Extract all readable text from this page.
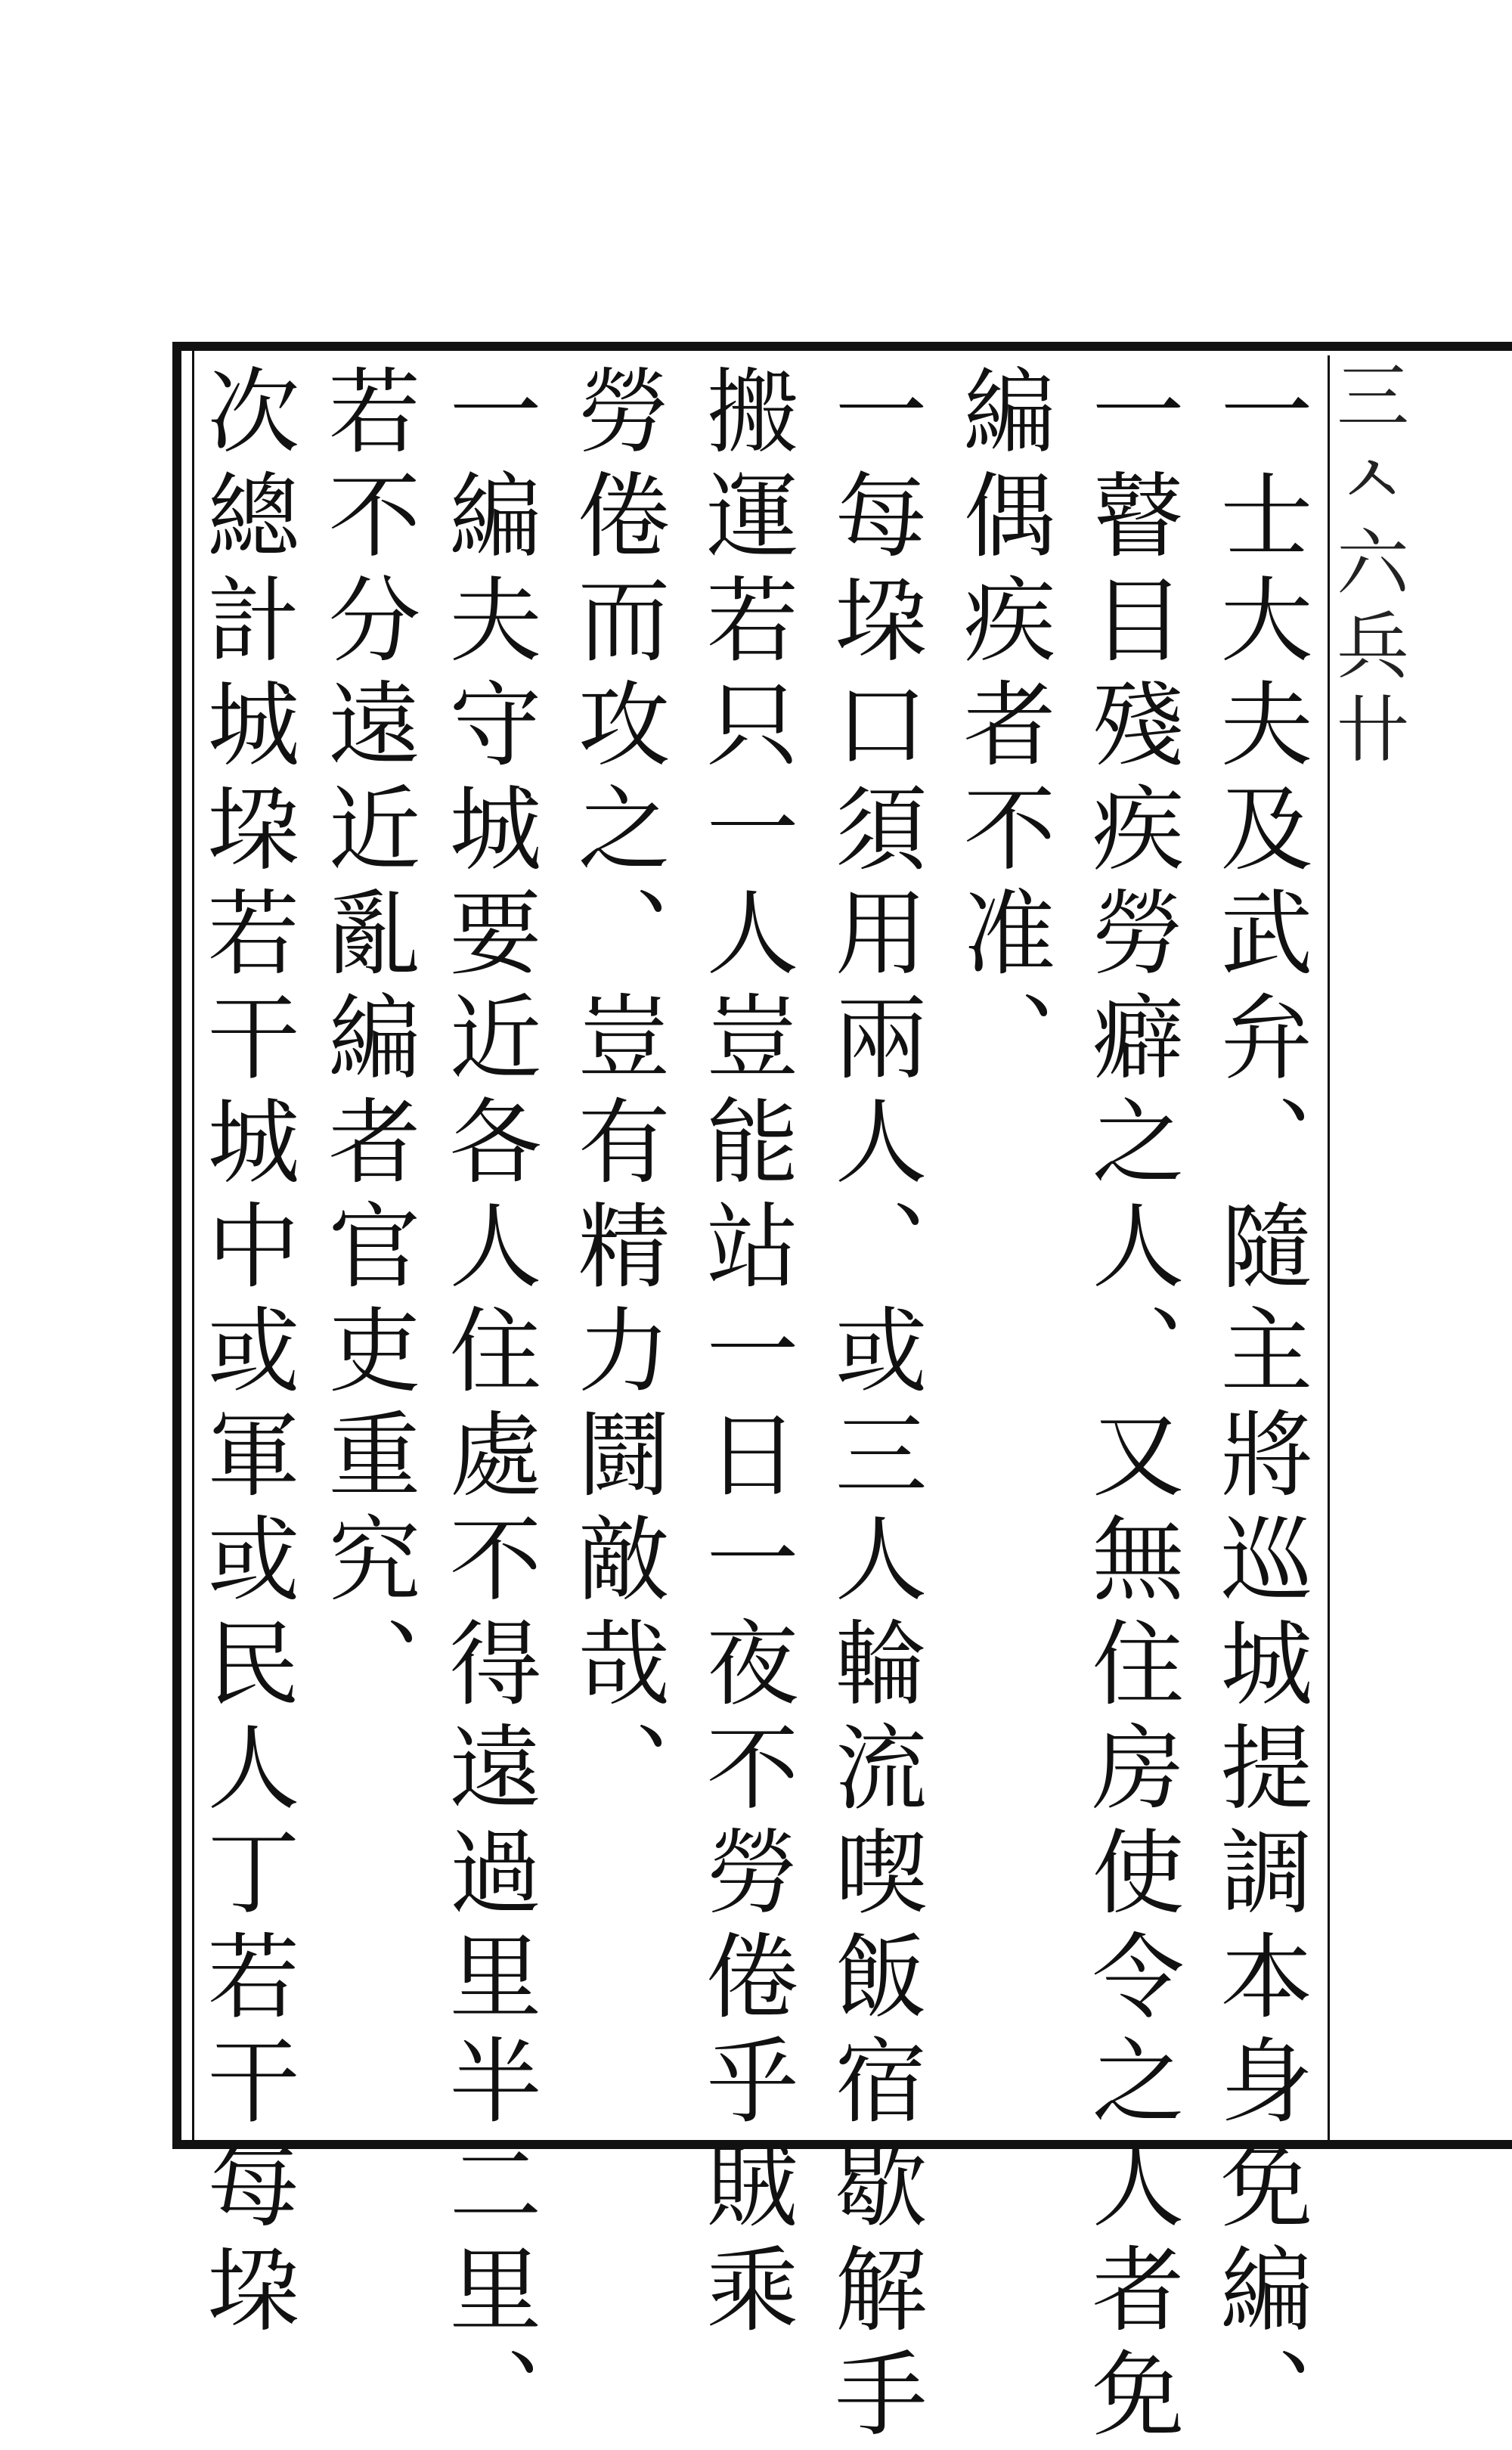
三
ㅅ
六
兵
卄
一士大夫及武弁、隨主將巡城提調本身免編、
一瞽目殘疾勞癖之人、又無住房使令之人者免
編偶疾者不准、
一每垜口須用兩人、或三人輪流喫飯宿歇解手
搬運若只一人豈能站一日一夜不勞倦乎賊乘
勞倦而攻之、豈有精力鬪敵哉、
一編夫守城要近各人住處不得遠過里半二里、
若不分遠近亂編者官吏重究、
次總計城垜若干城中或軍或民人丁若干每垜
